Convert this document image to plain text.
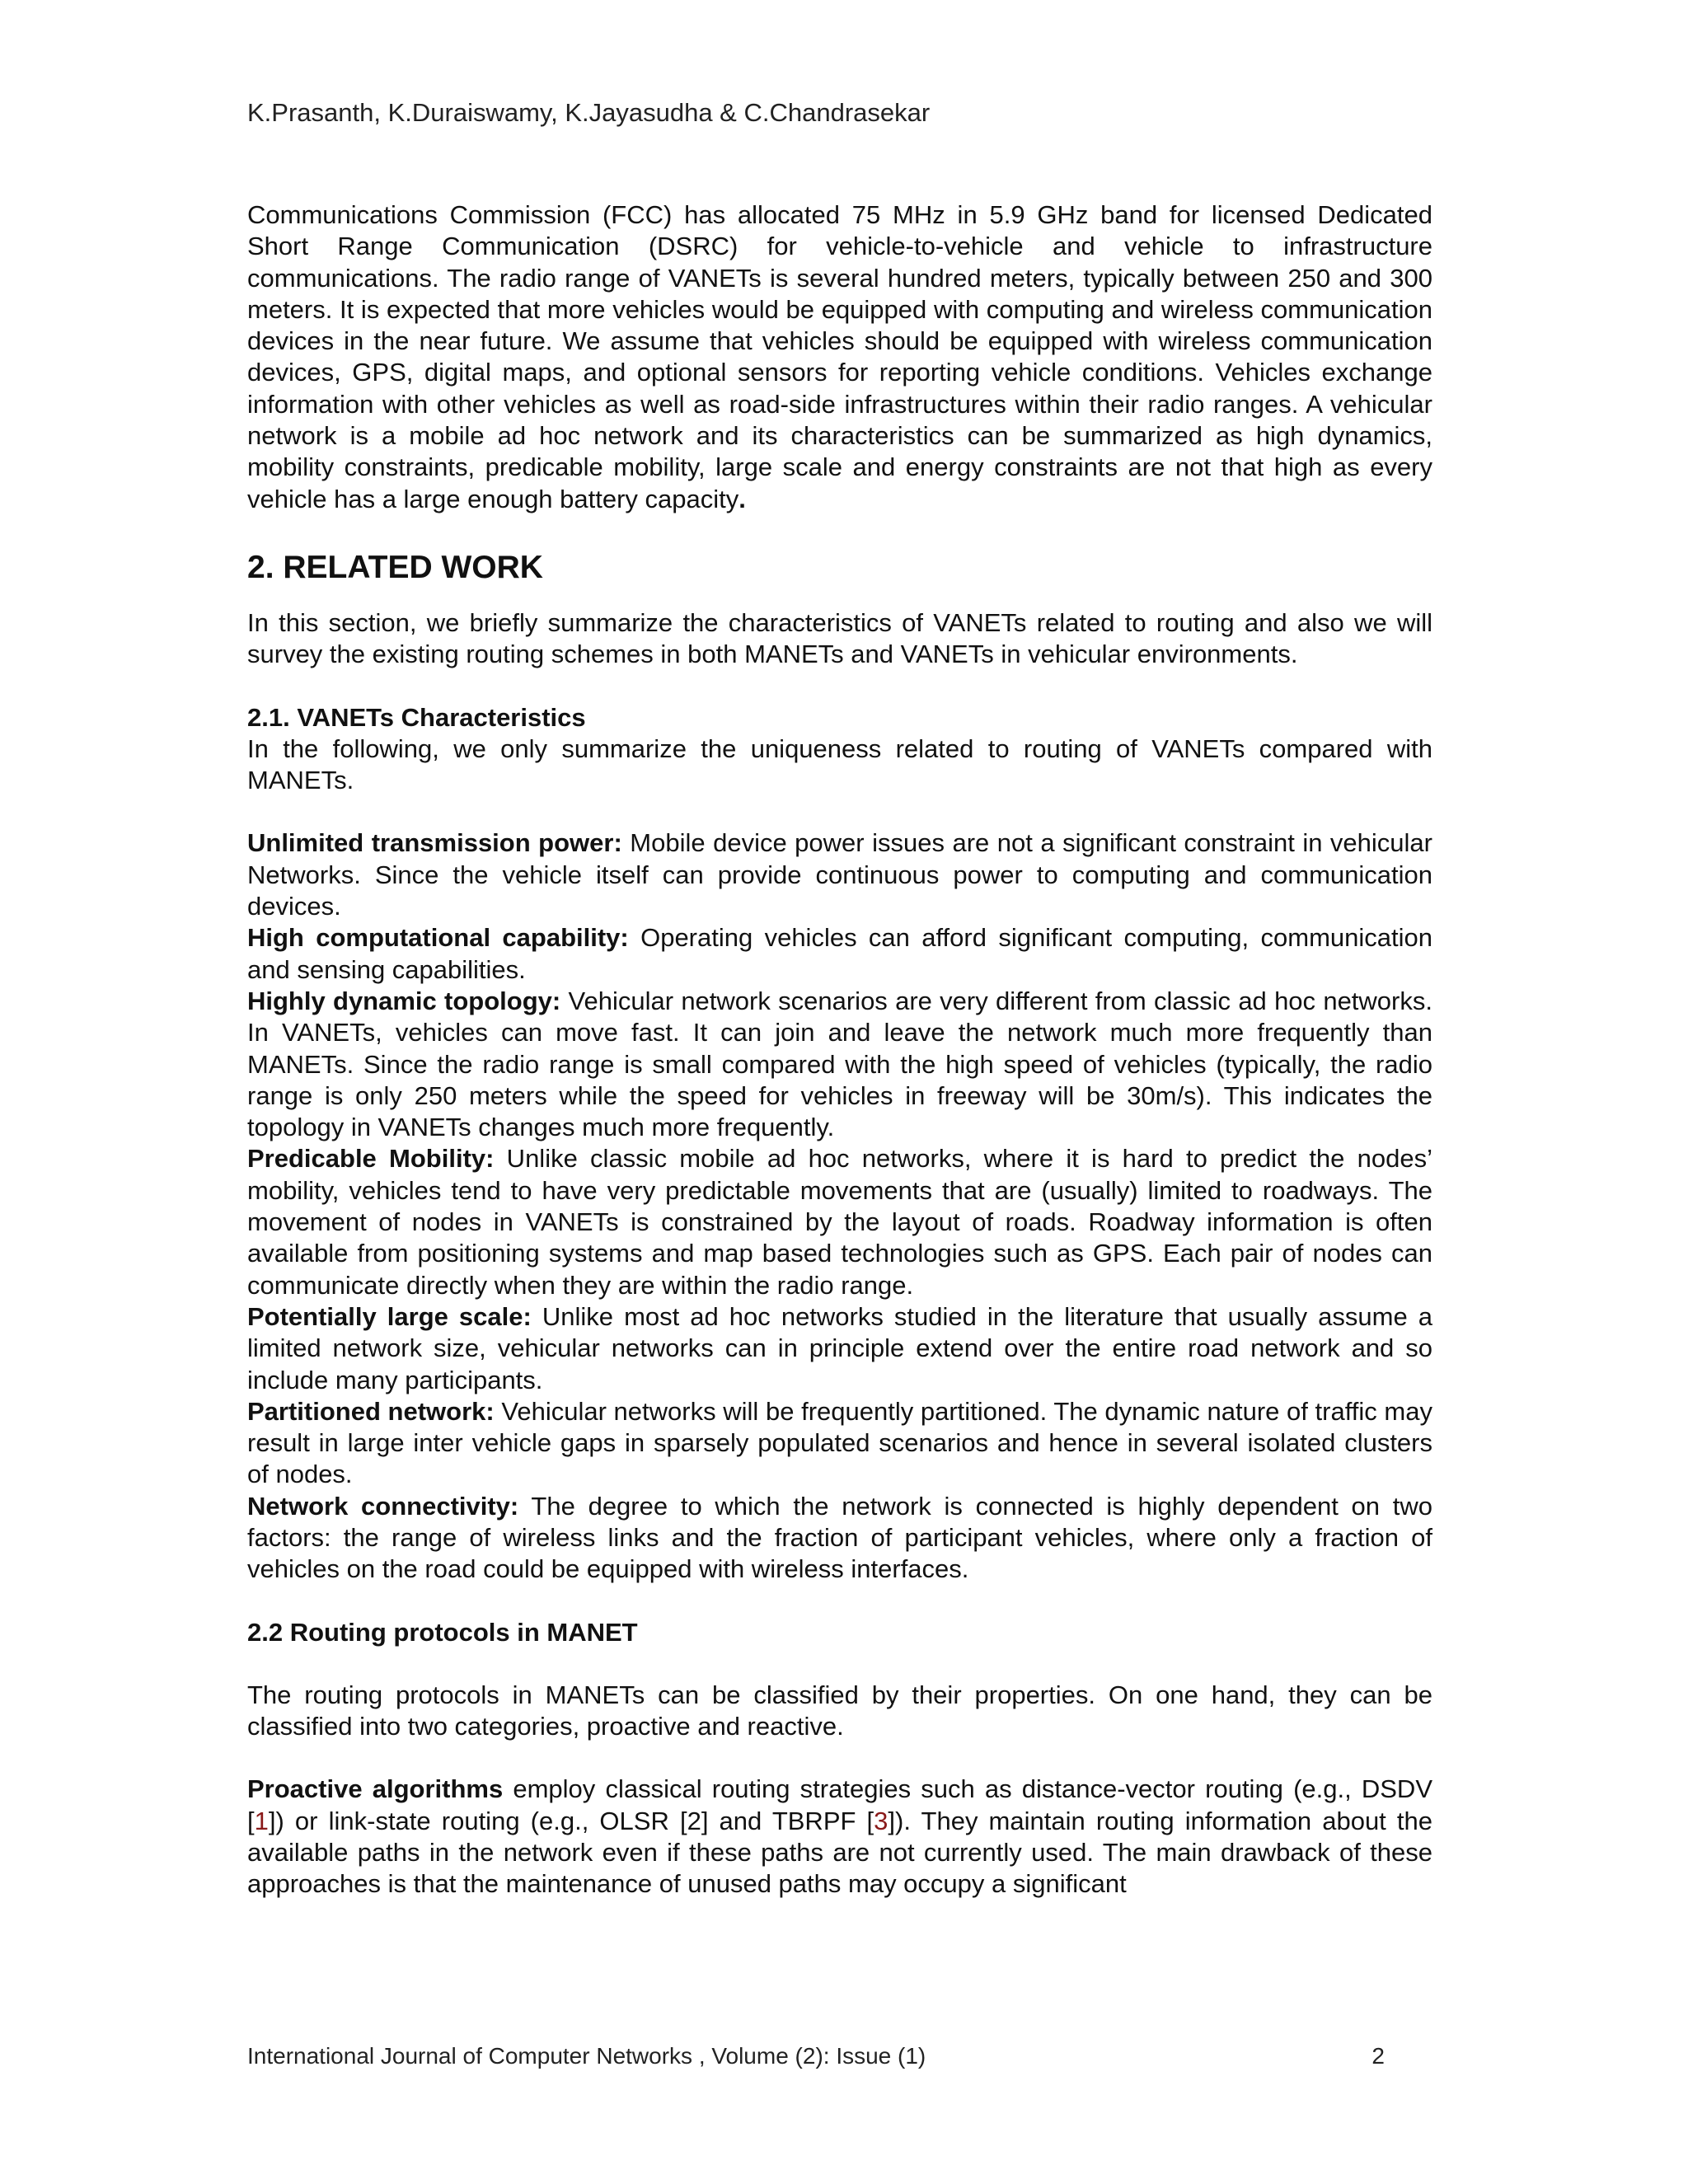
K.Prasanth, K.Duraiswamy, K.Jayasudha & C.Chandrasekar

Communications Commission (FCC) has allocated 75 MHz in 5.9 GHz band for licensed Dedicated Short Range Communication (DSRC) for vehicle-to-vehicle and vehicle to infrastructure communications. The radio range of VANETs is several hundred meters, typically between 250 and 300 meters. It is expected that more vehicles would be equipped with computing and wireless communication devices in the near future. We assume that vehicles should be equipped with wireless communication devices, GPS, digital maps, and optional sensors for reporting vehicle conditions. Vehicles exchange information with other vehicles as well as road-side infrastructures within their radio ranges. A vehicular network is a mobile ad hoc network and its characteristics can be summarized as high dynamics, mobility constraints, predicable mobility, large scale and energy constraints are not that high as every vehicle has a large enough battery capacity.

2. RELATED WORK

In this section, we briefly summarize the characteristics of VANETs related to routing and also we will survey the existing routing schemes in both MANETs and VANETs in vehicular environments.

2.1. VANETs Characteristics

In the following, we only summarize the uniqueness related to routing of VANETs compared with MANETs.

Unlimited transmission power: Mobile device power issues are not a significant constraint in vehicular Networks. Since the vehicle itself can provide continuous power to computing and communication devices.

High computational capability: Operating vehicles can afford significant computing, communication and sensing capabilities.

Highly dynamic topology: Vehicular network scenarios are very different from classic ad hoc networks. In VANETs, vehicles can move fast. It can join and leave the network much more frequently than MANETs. Since the radio range is small compared with the high speed of vehicles (typically, the radio range is only 250 meters while the speed for vehicles in freeway will be 30m/s). This indicates the topology in VANETs changes much more frequently.

Predicable Mobility: Unlike classic mobile ad hoc networks, where it is hard to predict the nodes’ mobility, vehicles tend to have very predictable movements that are (usually) limited to roadways. The movement of nodes in VANETs is constrained by the layout of roads. Roadway information is often available from positioning systems and map based technologies such as GPS. Each pair of nodes can communicate directly when they are within the radio range.

Potentially large scale: Unlike most ad hoc networks studied in the literature that usually assume a limited network size, vehicular networks can in principle extend over the entire road network and so include many participants.

Partitioned network: Vehicular networks will be frequently partitioned. The dynamic nature of traffic may result in large inter vehicle gaps in sparsely populated scenarios and hence in several isolated clusters of nodes.

Network connectivity: The degree to which the network is connected is highly dependent on two factors: the range of wireless links and the fraction of participant vehicles, where only a fraction of vehicles on the road could be equipped with wireless interfaces.

2.2 Routing protocols in MANET

The routing protocols in MANETs can be classified by their properties. On one hand, they can be classified into two categories, proactive and reactive.

Proactive algorithms employ classical routing strategies such as distance-vector routing (e.g., DSDV [1]) or link-state routing (e.g., OLSR [2] and TBRPF [3]). They maintain routing information about the available paths in the network even if these paths are not currently used. The main drawback of these approaches is that the maintenance of unused paths may occupy a significant

International Journal of Computer Networks , Volume (2): Issue (1)	2
